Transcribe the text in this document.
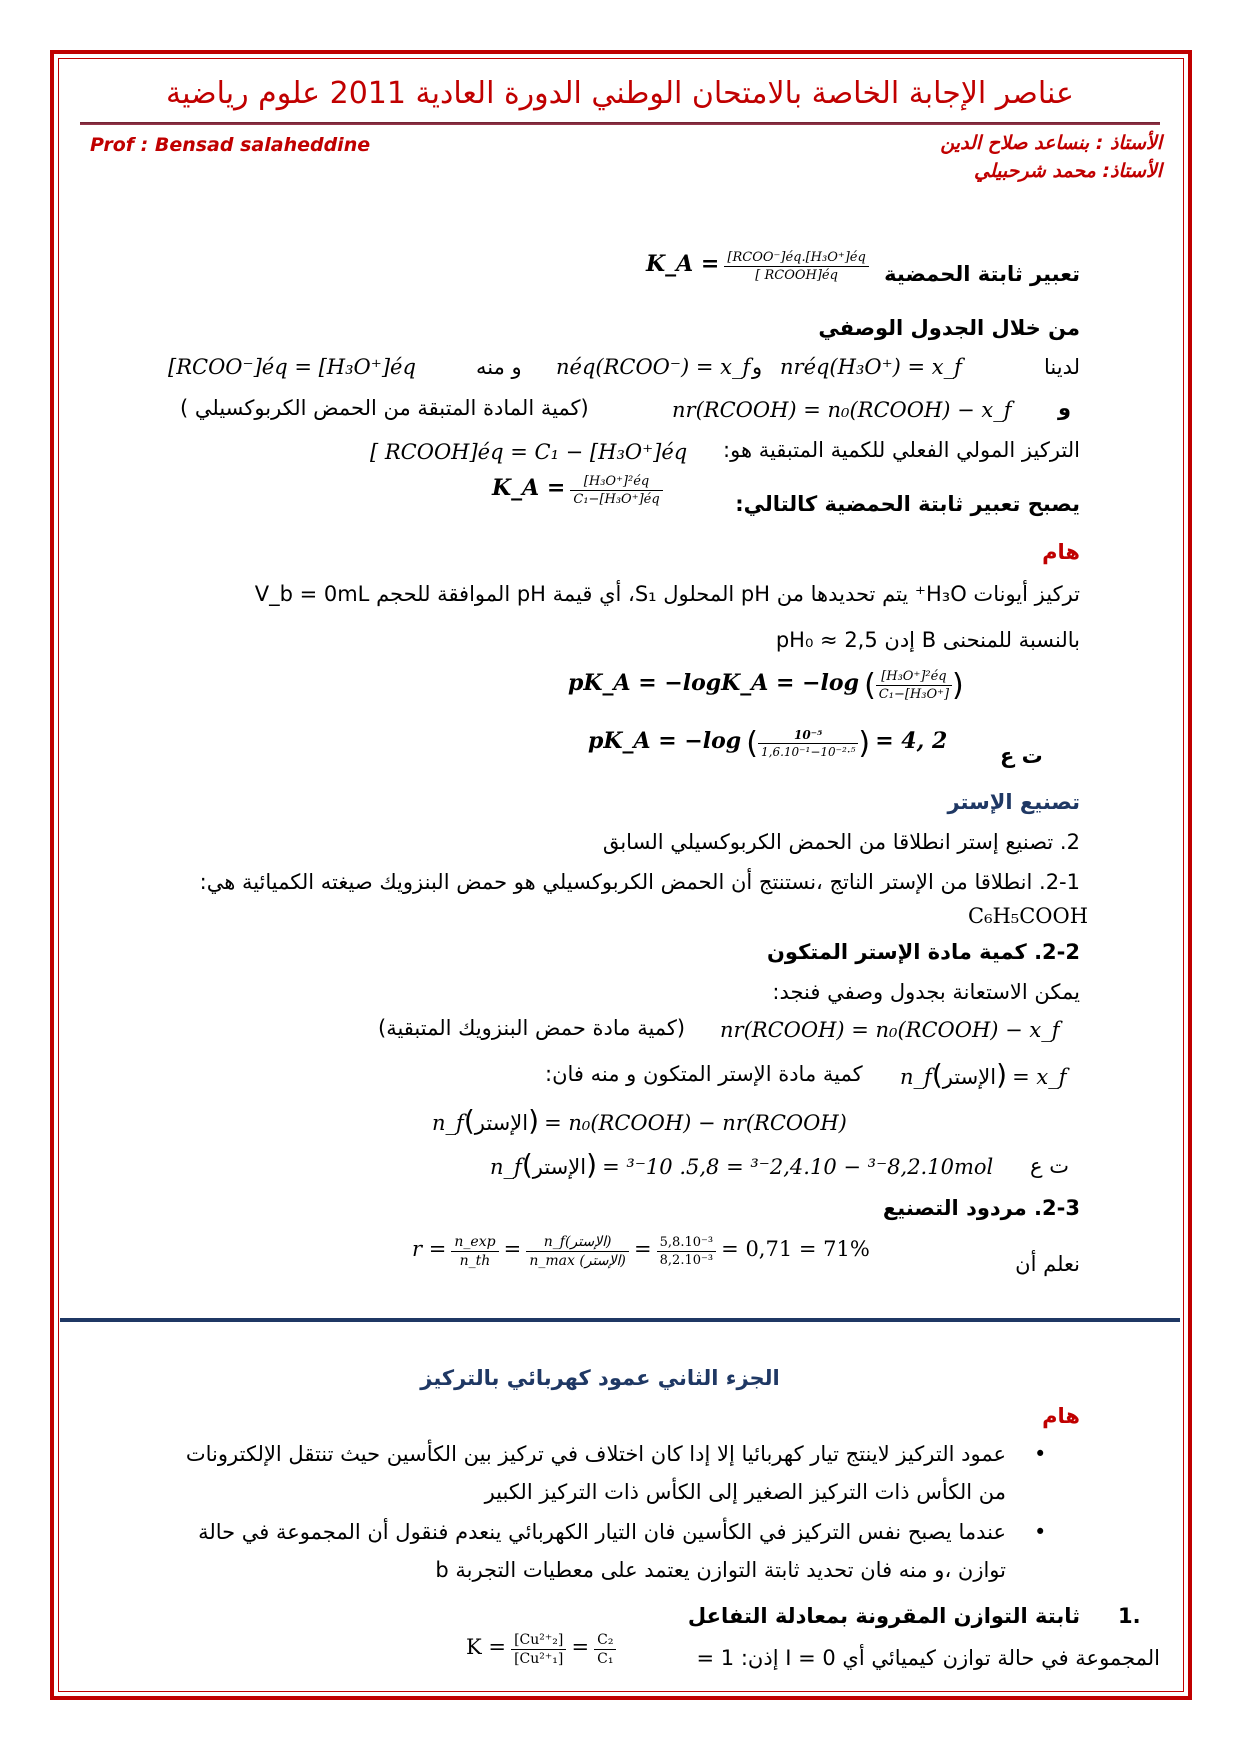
عناصر الإجابة الخاصة بالامتحان الوطني الدورة العادية 2011 علوم رياضية
Prof : Bensad salaheddine	الأستاذ : بنساعد صلاح الدين
الأستاذ: محمد شرحبيلي
تعبير ثابتة الحمضية
K_A = $\frac{\text{[RCOO⁻]éq.[H₃O⁺]éq}}{\text{[ RCOOH]éq}}$
من خلال الجدول الوصفي
لدينا
nréq(H₃O⁺) = x_f
و
néq(RCOO⁻) = x_f
و منه
[RCOO⁻]éq = [H₃O⁺]éq
و
nr(RCOOH) = n₀(RCOOH) − x_f
(كمية المادة المتبقة من الحمض الكربوكسيلي )
التركيز المولي الفعلي للكمية المتبقية هو:
[ RCOOH]éq = C₁ − [H₃O⁺]éq
يصبح تعبير ثابتة الحمضية كالتالي:
K_A = $\frac{\text{[H₃O⁺]²éq}}{\text{C₁−[H₃O⁺]éq}}$
هام
تركيز أيونات H₃O⁺ يتم تحديدها من pH المحلول S₁، أي قيمة pH الموافقة للحجم V_b = 0mL
بالنسبة للمنحنى B إدن pH₀ ≈ 2,5
pK_A = −logK_A = −log ( $\frac{\text{[H₃O⁺]²éq}}{\text{C₁−[H₃O⁺]}}$ )
ت ع
pK_A = −log ( $\frac{\text{10⁻⁵}}{\text{1,6.10⁻¹−10⁻²·⁵}}$ ) = 4, 2
تصنيع الإستر
2. تصنيع إستر انطلاقا من الحمض الكربوكسيلي السابق
2-1. انطلاقا من الإستر الناتج ،نستنتج أن الحمض الكربوكسيلي هو حمض البنزويك صيغته الكميائية هي:
C₆H₅COOH
2-2. كمية مادة الإستر المتكون
يمكن الاستعانة بجدول وصفي فنجد:
nr(RCOOH) = n₀(RCOOH) − x_f
(كمية مادة حمض البنزويك المتبقية)
n_f(الإستر) = x_f
كمية مادة الإستر المتكون و منه فان:
n_f(الإستر) = n₀(RCOOH) − nr(RCOOH)
ت ع
n_f(الإستر) = 8,2.10⁻³ − 2,4.10⁻³ = 5,8. 10⁻³mol
2-3. مردود التصنيع
نعلم أن
$r = \frac{n\_\exp}{n\_th} = \frac{\text{n\_f(الإستر)}}{\text{n\_max (الإستر)}} = \frac{\text{5,8.10⁻³}}{\text{8,2.10⁻³}} = 0,71 = 71\%$
الجزء الثاني عمود كهربائي بالتركيز
هام
•
عمود التركيز لاينتج تيار كهربائيا إلا إدا كان اختلاف في تركيز بين الكأسين حيث تنتقل الإلكترونات
من الكأس ذات التركيز الصغير إلى الكأس ذات التركيز الكبير
•
عندما يصبح نفس التركيز في الكأسين فان التيار الكهربائي ينعدم فنقول أن المجموعة في حالة
توازن ،و منه فان تحديد ثابتة التوازن يعتمد على معطيات التجربة b
1.
ثابتة التوازن المقرونة بمعادلة التفاعل
المجموعة في حالة توازن كيميائي أي I = 0 إذن: 1 =
$K = \frac{\text{[Cu²⁺₂]}}{\text{[Cu²⁺₁]}} = \frac{\text{C₂}}{\text{C₁}}$
